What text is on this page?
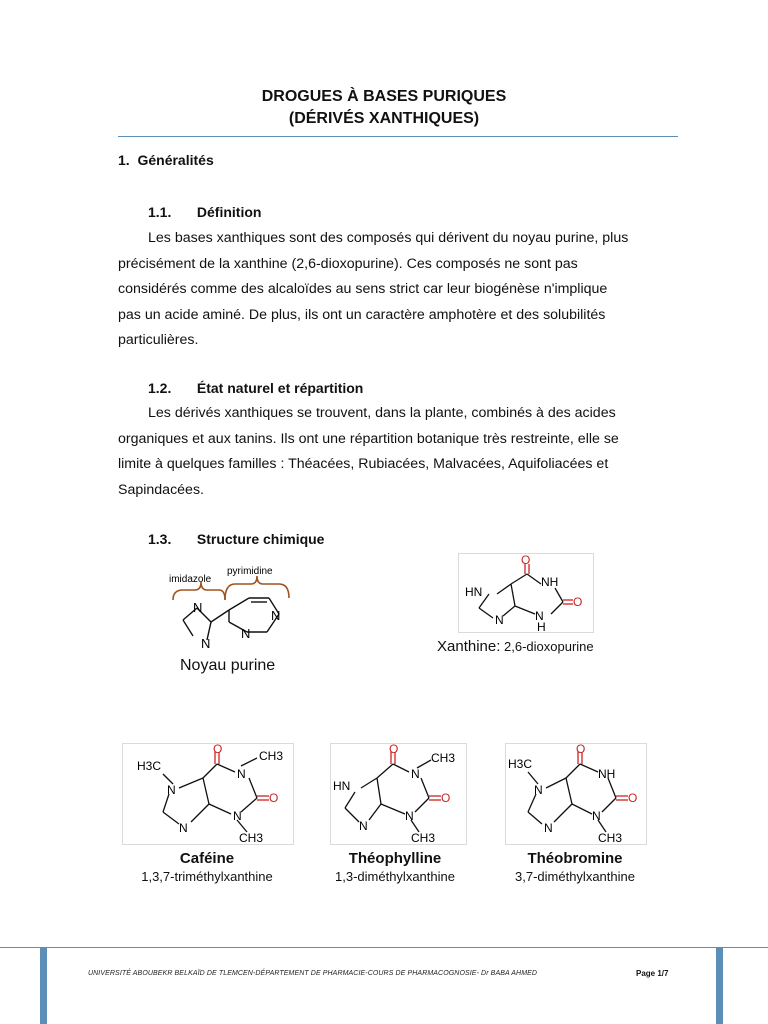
DROGUES À BASES PURIQUES
(DÉRIVÉS XANTHIQUES)
1. Généralités
1.1. Définition
Les bases xanthiques sont des composés qui dérivent du noyau purine, plus
précisément de la xanthine (2,6-dioxopurine). Ces composés ne sont pas
considérés comme des alcaloïdes au sens strict car leur biogénèse n'implique
pas un acide aminé. De plus, ils ont un caractère amphotère et des solubilités
particulières.
1.2. État naturel et répartition
Les dérivés xanthiques se trouvent, dans la plante, combinés à des acides
organiques et aux tanins. Ils ont une répartition botanique très restreinte, elle se
limite à quelques familles : Théacées, Rubiacées, Malvacées, Aquifoliacées et
Sapindacées.
1.3. Structure chimique
imidazole
pyrimidine
N
N
N
N
Noyau purine
O
O
HN
NH
N
H
N
Xanthine: 2,6-dioxopurine
O
O
H3C
CH3
N
N
N
N
CH3
Caféine
1,3,7-triméthylxanthine
O
O
HN
N
CH3
N
N
CH3
Théophylline
1,3-diméthylxanthine
O
O
H3C
N
NH
N
N
CH3
Théobromine
3,7-diméthylxanthine
UNIVERSITÉ ABOUBEKR BELKAÏD DE TLEMCEN-DÉPARTEMENT DE PHARMACIE-COURS DE PHARMACOGNOSIE- Dr BABA AHMED	Page 1/7
